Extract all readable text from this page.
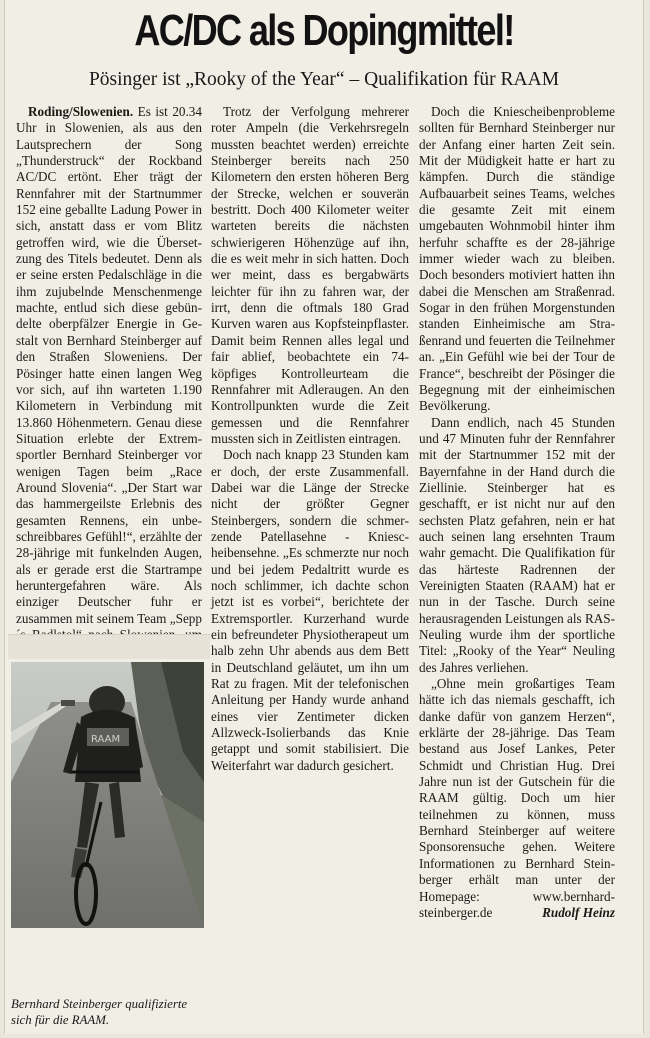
AC/DC als Dopingmittel!
Pösinger ist „Rooky of the Year“ – Qualifikation für RAAM

Roding/Slowenien. Es ist 20.34 Uhr in Slowenien, als aus den Lautsprechern der Song „Thunderstruck“ der Rockband AC/DC ertönt. Eher trägt der Rennfahrer mit der Startnummer 152 eine geballte Ladung Power in sich, anstatt dass er vom Blitz getroffen wird, wie die Übersetzung des Titels bedeutet. Denn als er seine ersten Pedalschläge in die ihm zujubelnde Menschenmenge machte, entlud sich diese gebündelte oberpfälzer Energie in Gestalt von Bernhard Steinberger auf den Straßen Sloweniens. Der Pösinger hatte einen langen Weg vor sich, auf ihn warteten 1.190 Kilometern in Verbindung mit 13.860 Höhenmetern. Genau diese Situation erlebte der Extremsportler Bernhard Steinberger vor wenigen Tagen beim „Race Around Slovenia“. „Der Start war das hammergeilste Erlebnis des gesamten Rennens, ein unbeschreibbares Gefühl!“, erzählte der 28-jährige mit funkelnden Augen, als er gerade erst die Startrampe heruntergefahren wäre. Als einziger Deutscher fuhr er zusammen mit seinem Team „Sepp

RAAM

Trotz der Verfolgung mehrerer roter Ampeln (die Verkehrsregeln mussten beachtet werden) erreichte Steinberger bereits nach 250 Kilometern den ersten höheren Berg der Strecke, welchen er souverän bestritt. Doch 400 Kilometer weiter warteten bereits die nächsten schwierigeren Höhenzüge auf ihn, die es weit mehr in sich hatten. Doch wer meint, dass es bergabwärts leichter für ihn zu fahren war, der irrt, denn die oftmals 180 Grad Kurven waren aus Kopfsteinpflaster. Damit beim Rennen alles legal und fair ablief, beobachtete ein 74-köpfiges Kontrolleurteam die Rennfahrer mit Adleraugen. An den Kontrollpunkten wurde die Zeit gemessen und die Rennfahrer mussten sich in Zeitlisten eintragen.

Doch nach knapp 23 Stunden kam er doch, der erste Zusammenfall. Dabei war die Länge der Strecke nicht der größter Gegner Steinbergers, sondern die schmerzende Patellasehne - Kniescheibensehne. „Es schmerzte nur noch und bei jedem Pedaltritt wurde es noch schlimmer, ich dachte schon jetzt ist es vorbei“, berichtete der Extremsportler. Kurzerhand wurde ein befreundeter Physiotherapeut um halb zehn Uhr abends aus dem Bett in Deutschland geläutet, um ihn um Rat zu fragen. Mit der telefonischen Anleitung per Handy wurde anhand eines vier Zentimeter dicken Allzweck-Isolierbands das Knie getappt und somit stabilisiert. Die Weiterfahrt war dadurch gesichert.

Doch die Kniescheibenprobleme sollten für Bernhard Steinberger nur der Anfang einer harten Zeit sein. Mit der Müdigkeit hatte er hart zu kämpfen. Durch die ständige Aufbauarbeit seines Teams, welches die gesamte Zeit mit einem umgebauten Wohnmobil hinter ihm herfuhr schaffte es der 28-jährige immer wieder wach zu bleiben. Doch besonders motiviert hatten ihn dabei die Menschen am Straßenrad. Sogar in den frühen Morgenstunden standen Einheimische am Straßenrand und feuerten die Teilnehmer an. „Ein Gefühl wie bei der Tour de France“, beschreibt der Pösinger die Begegnung mit der einheimischen Bevölkerung.

Dann endlich, nach 45 Stunden und 47 Minuten fuhr der Rennfahrer mit der Startnummer 152 mit der Bayernfahne in der Hand durch die Ziellinie. Steinberger hat es geschafft, er ist nicht nur auf den sechsten Platz gefahren, nein er hat auch seinen lang ersehnten Traum wahr gemacht. Die Qualifikation für das härteste Radrennen der Vereinigten Staaten (RAAM) hat er nun in der Tasche. Durch seine herausragenden Leistungen als RAS-Neuling wurde ihm der sportliche Titel: „Rooky of the Year“ Neuling des Jahres verliehen.

„Ohne mein großartiges Team hätte ich das niemals geschafft, ich danke dafür von ganzem Herzen“, erklärte der 28-jährige. Das Team bestand aus Josef Lankes, Peter Schmidt und Christian Hug. Drei Jahre nun ist der Gutschein für die RAAM gültig. Doch um hier teilnehmen zu können, muss Bernhard Steinberger auf weitere Sponsorensuche gehen. Weitere Informationen zu Bernhard Steinberger erhält man unter der Homepage: www.bernhard-steinberger.de	Rudolf Heinz

Bernhard Steinberger qualifizierte sich für die RAAM.
